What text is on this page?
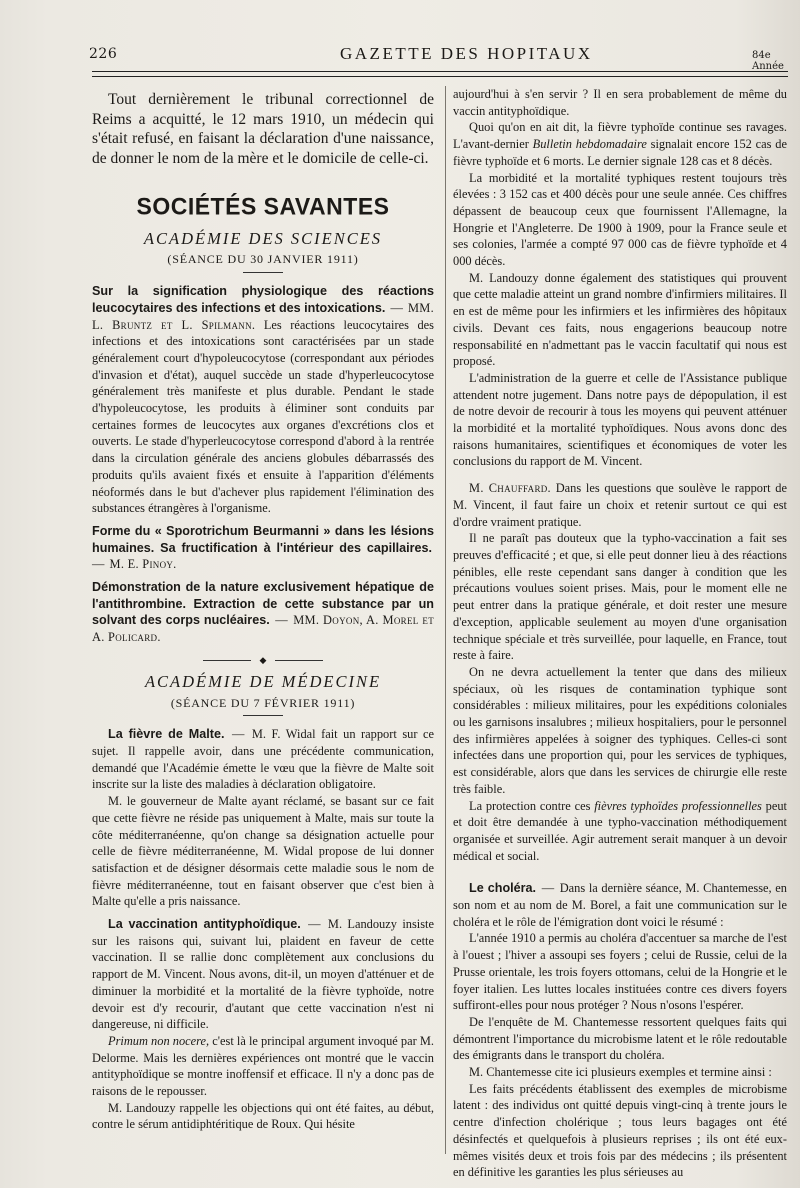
226	GAZETTE DES HOPITAUX	84e Année

Tout dernièrement le tribunal correctionnel de Reims a acquitté, le 12 mars 1910, un médecin qui s'était refusé, en faisant la déclaration d'une naissance, de donner le nom de la mère et le domicile de celle-ci.

SOCIÉTÉS SAVANTES
ACADÉMIE DES SCIENCES
(SÉANCE DU 30 JANVIER 1911)

Sur la signification physiologique des réactions leucocytaires des infections et des intoxications. — MM. L. Bruntz et L. Spilmann. Les réactions leucocytaires des infections et des intoxications sont caractérisées par un stade généralement court d'hypoleucocytose (correspondant aux périodes d'invasion et d'état), auquel succède un stade d'hyperleucocytose généralement très manifeste et plus durable. Pendant le stade d'hypoleucocytose, les produits à éliminer sont conduits par certaines formes de leucocytes aux organes d'excrétions clos et ouverts. Le stade d'hyperleucocytose correspond d'abord à la rentrée dans la circulation générale des anciens globules débarrassés des produits qu'ils avaient fixés et ensuite à l'apparition d'éléments néoformés dans le but d'achever plus rapidement l'élimination des substances étrangères à l'organisme.

Forme du « Sporotrichum Beurmanni » dans les lésions humaines. Sa fructification à l'intérieur des capillaires. — M. E. Pinoy.

Démonstration de la nature exclusivement hépatique de l'antithrombine. Extraction de cette substance par un solvant des corps nucléaires. — MM. Doyon, A. Morel et A. Policard.

◆
ACADÉMIE DE MÉDECINE
(SÉANCE DU 7 FÉVRIER 1911)

La fièvre de Malte. — M. F. Widal fait un rapport sur ce sujet. Il rappelle avoir, dans une précédente communication, demandé que l'Académie émette le vœu que la fièvre de Malte soit inscrite sur la liste des maladies à déclaration obligatoire.

M. le gouverneur de Malte ayant réclamé, se basant sur ce fait que cette fièvre ne réside pas uniquement à Malte, mais sur toute la côte méditerranéenne, qu'on change sa désignation actuelle pour celle de fièvre méditerranéenne, M. Widal propose de lui donner satisfaction et de désigner désormais cette maladie sous le nom de fièvre méditerranéenne, tout en faisant observer que c'est bien à Malte qu'elle a pris naissance.

La vaccination antityphoïdique. — M. Landouzy insiste sur les raisons qui, suivant lui, plaident en faveur de cette vaccination. Il se rallie donc complètement aux conclusions du rapport de M. Vincent. Nous avons, dit-il, un moyen d'atténuer et de diminuer la morbidité et la mortalité de la fièvre typhoïde, notre devoir est d'y recourir, d'autant que cette vaccination n'est ni dangereuse, ni difficile.

Primum non nocere, c'est là le principal argument invoqué par M. Delorme. Mais les dernières expériences ont montré que le vaccin antityphoïdique se montre inoffensif et efficace. Il n'y a donc pas de raisons de le repousser.

M. Landouzy rappelle les objections qui ont été faites, au début, contre le sérum antidiphtéritique de Roux. Qui hésite

aujourd'hui à s'en servir ? Il en sera probablement de même du vaccin antityphoïdique.

Quoi qu'on en ait dit, la fièvre typhoïde continue ses ravages. L'avant-dernier Bulletin hebdomadaire signalait encore 152 cas de fièvre typhoïde et 6 morts. Le dernier signale 128 cas et 8 décès.

La morbidité et la mortalité typhiques restent toujours très élevées : 3 152 cas et 400 décès pour une seule année. Ces chiffres dépassent de beaucoup ceux que fournissent l'Allemagne, la Hongrie et l'Angleterre. De 1900 à 1909, pour la France seule et ses colonies, l'armée a compté 97 000 cas de fièvre typhoïde et 4 000 décès.

M. Landouzy donne également des statistiques qui prouvent que cette maladie atteint un grand nombre d'infirmiers militaires. Il en est de même pour les infirmiers et les infirmières des hôpitaux civils. Devant ces faits, nous engagerions beaucoup notre responsabilité en n'admettant pas le vaccin facultatif qui nous est proposé.

L'administration de la guerre et celle de l'Assistance publique attendent notre jugement. Dans notre pays de dépopulation, il est de notre devoir de recourir à tous les moyens qui peuvent atténuer la morbidité et la mortalité typhoïdiques. Nous avons donc des raisons humanitaires, scientifiques et économiques de voter les conclusions du rapport de M. Vincent.

M. Chauffard. Dans les questions que soulève le rapport de M. Vincent, il faut faire un choix et retenir surtout ce qui est d'ordre vraiment pratique.

Il ne paraît pas douteux que la typho-vaccination a fait ses preuves d'efficacité ; et que, si elle peut donner lieu à des réactions pénibles, elle reste cependant sans danger à condition que les précautions voulues soient prises. Mais, pour le moment elle ne peut entrer dans la pratique générale, et doit rester une mesure d'exception, applicable seulement au moyen d'une organisation technique spéciale et très surveillée, pour laquelle, en France, tout reste à faire.

On ne devra actuellement la tenter que dans des milieux spéciaux, où les risques de contamination typhique sont considérables : milieux militaires, pour les expéditions coloniales ou les garnisons insalubres ; milieux hospitaliers, pour le personnel des infirmières appelées à soigner des typhiques. Celles-ci sont infectées dans une proportion qui, pour les services de typhiques, est considérable, alors que dans les services de chirurgie elle reste très faible.

La protection contre ces fièvres typhoïdes professionnelles peut et doit être demandée à une typho-vaccination méthodiquement organisée et surveillée. Agir autrement serait manquer à un devoir médical et social.

Le choléra. — Dans la dernière séance, M. Chantemesse, en son nom et au nom de M. Borel, a fait une communication sur le choléra et le rôle de l'émigration dont voici le résumé :

L'année 1910 a permis au choléra d'accentuer sa marche de l'est à l'ouest ; l'hiver a assoupi ses foyers ; celui de Russie, celui de la Prusse orientale, les trois foyers ottomans, celui de la Hongrie et le foyer italien. Les luttes locales instituées contre ces divers foyers suffiront-elles pour nous protéger ? Nous n'osons l'espérer.

De l'enquête de M. Chantemesse ressortent quelques faits qui démontrent l'importance du microbisme latent et le rôle redoutable des émigrants dans le transport du choléra.

M. Chantemesse cite ici plusieurs exemples et termine ainsi :

Les faits précédents établissent des exemples de microbisme latent : des individus ont quitté depuis vingt-cinq à trente jours le centre d'infection cholérique ; tous leurs bagages ont été désinfectés et quelquefois à plusieurs reprises ; ils ont été eux-mêmes visités deux et trois fois par des médecins ; ils présentent en définitive les garanties les plus sérieuses au
